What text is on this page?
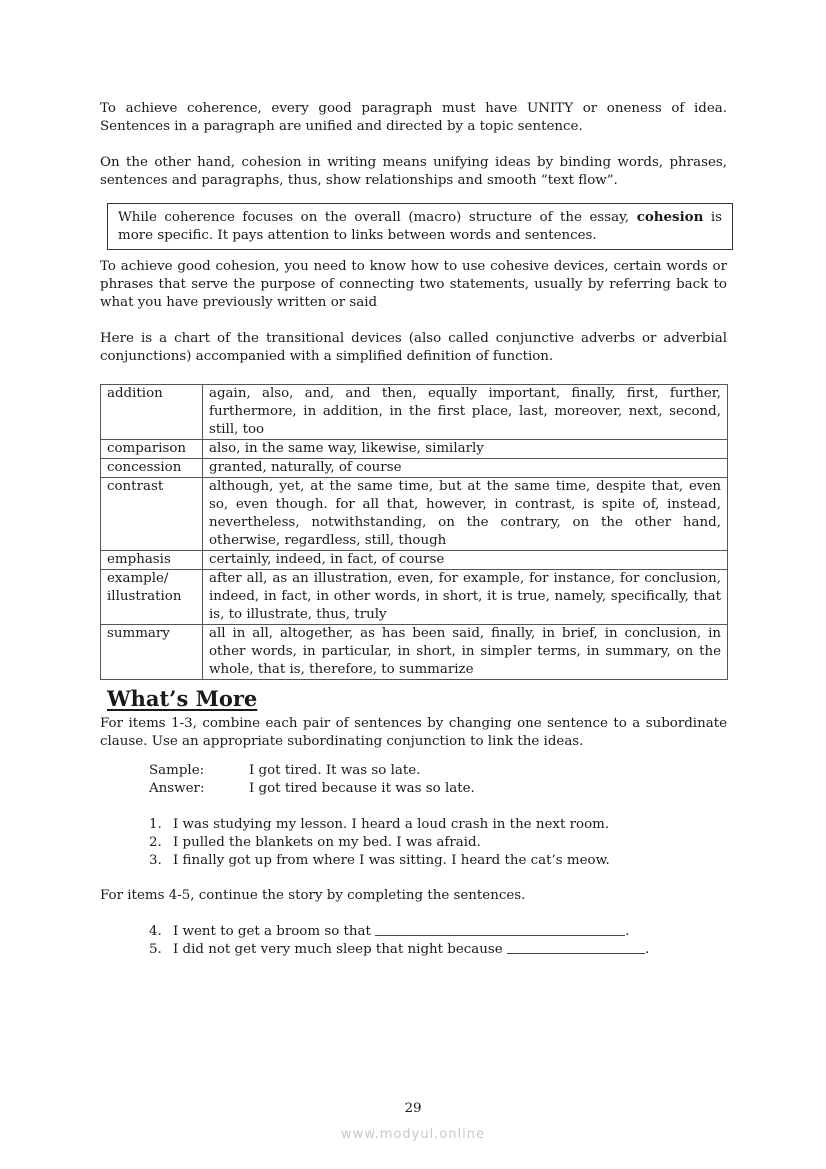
To achieve coherence, every good paragraph must have UNITY or oneness of idea. Sentences in a paragraph are unified and directed by a topic sentence.

On the other hand, cohesion in writing means unifying ideas by binding words, phrases, sentences and paragraphs, thus, show relationships and smooth “text flow”.

While coherence focuses on the overall (macro) structure of the essay, cohesion is more specific. It pays attention to links between words and sentences.

To achieve good cohesion, you need to know how to use cohesive devices, certain words or phrases that serve the purpose of connecting two statements, usually by referring back to what you have previously written or said

Here is a chart of the transitional devices (also called conjunctive adverbs or adverbial conjunctions) accompanied with a simplified definition of function.

addition	again, also, and, and then, equally important, finally, first, further, furthermore, in addition, in the first place, last, moreover, next, second, still, too
comparison	also, in the same way, likewise, similarly
concession	granted, naturally, of course
contrast	although, yet, at the same time, but at the same time, despite that, even so, even though. for all that, however, in contrast, is spite of, instead, nevertheless, notwithstanding, on the contrary, on the other hand, otherwise, regardless, still, though
emphasis	certainly, indeed, in fact, of course
example/ illustration	after all, as an illustration, even, for example, for instance, for conclusion, indeed, in fact, in other words, in short, it is true, namely, specifically, that is, to illustrate, thus, truly
summary	all in all, altogether, as has been said, finally, in brief, in conclusion, in other words, in particular, in short, in simpler terms, in summary, on the whole, that is, therefore, to summarize
What’s More

For items 1-3, combine each pair of sentences by changing one sentence to a subordinate clause. Use an appropriate subordinating conjunction to link the ideas.

Sample:	I got tired. It was so late.
Answer:	I got tired because it was so late.
1. I was studying my lesson. I heard a loud crash in the next room.
2. I pulled the blankets on my bed. I was afraid.
3. I finally got up from where I was sitting. I heard the cat’s meow.

For items 4-5, continue the story by completing the sentences.

4. I went to get a broom so that	.
5. I did not get very much sleep that night because	.
29
www.modyul.online
